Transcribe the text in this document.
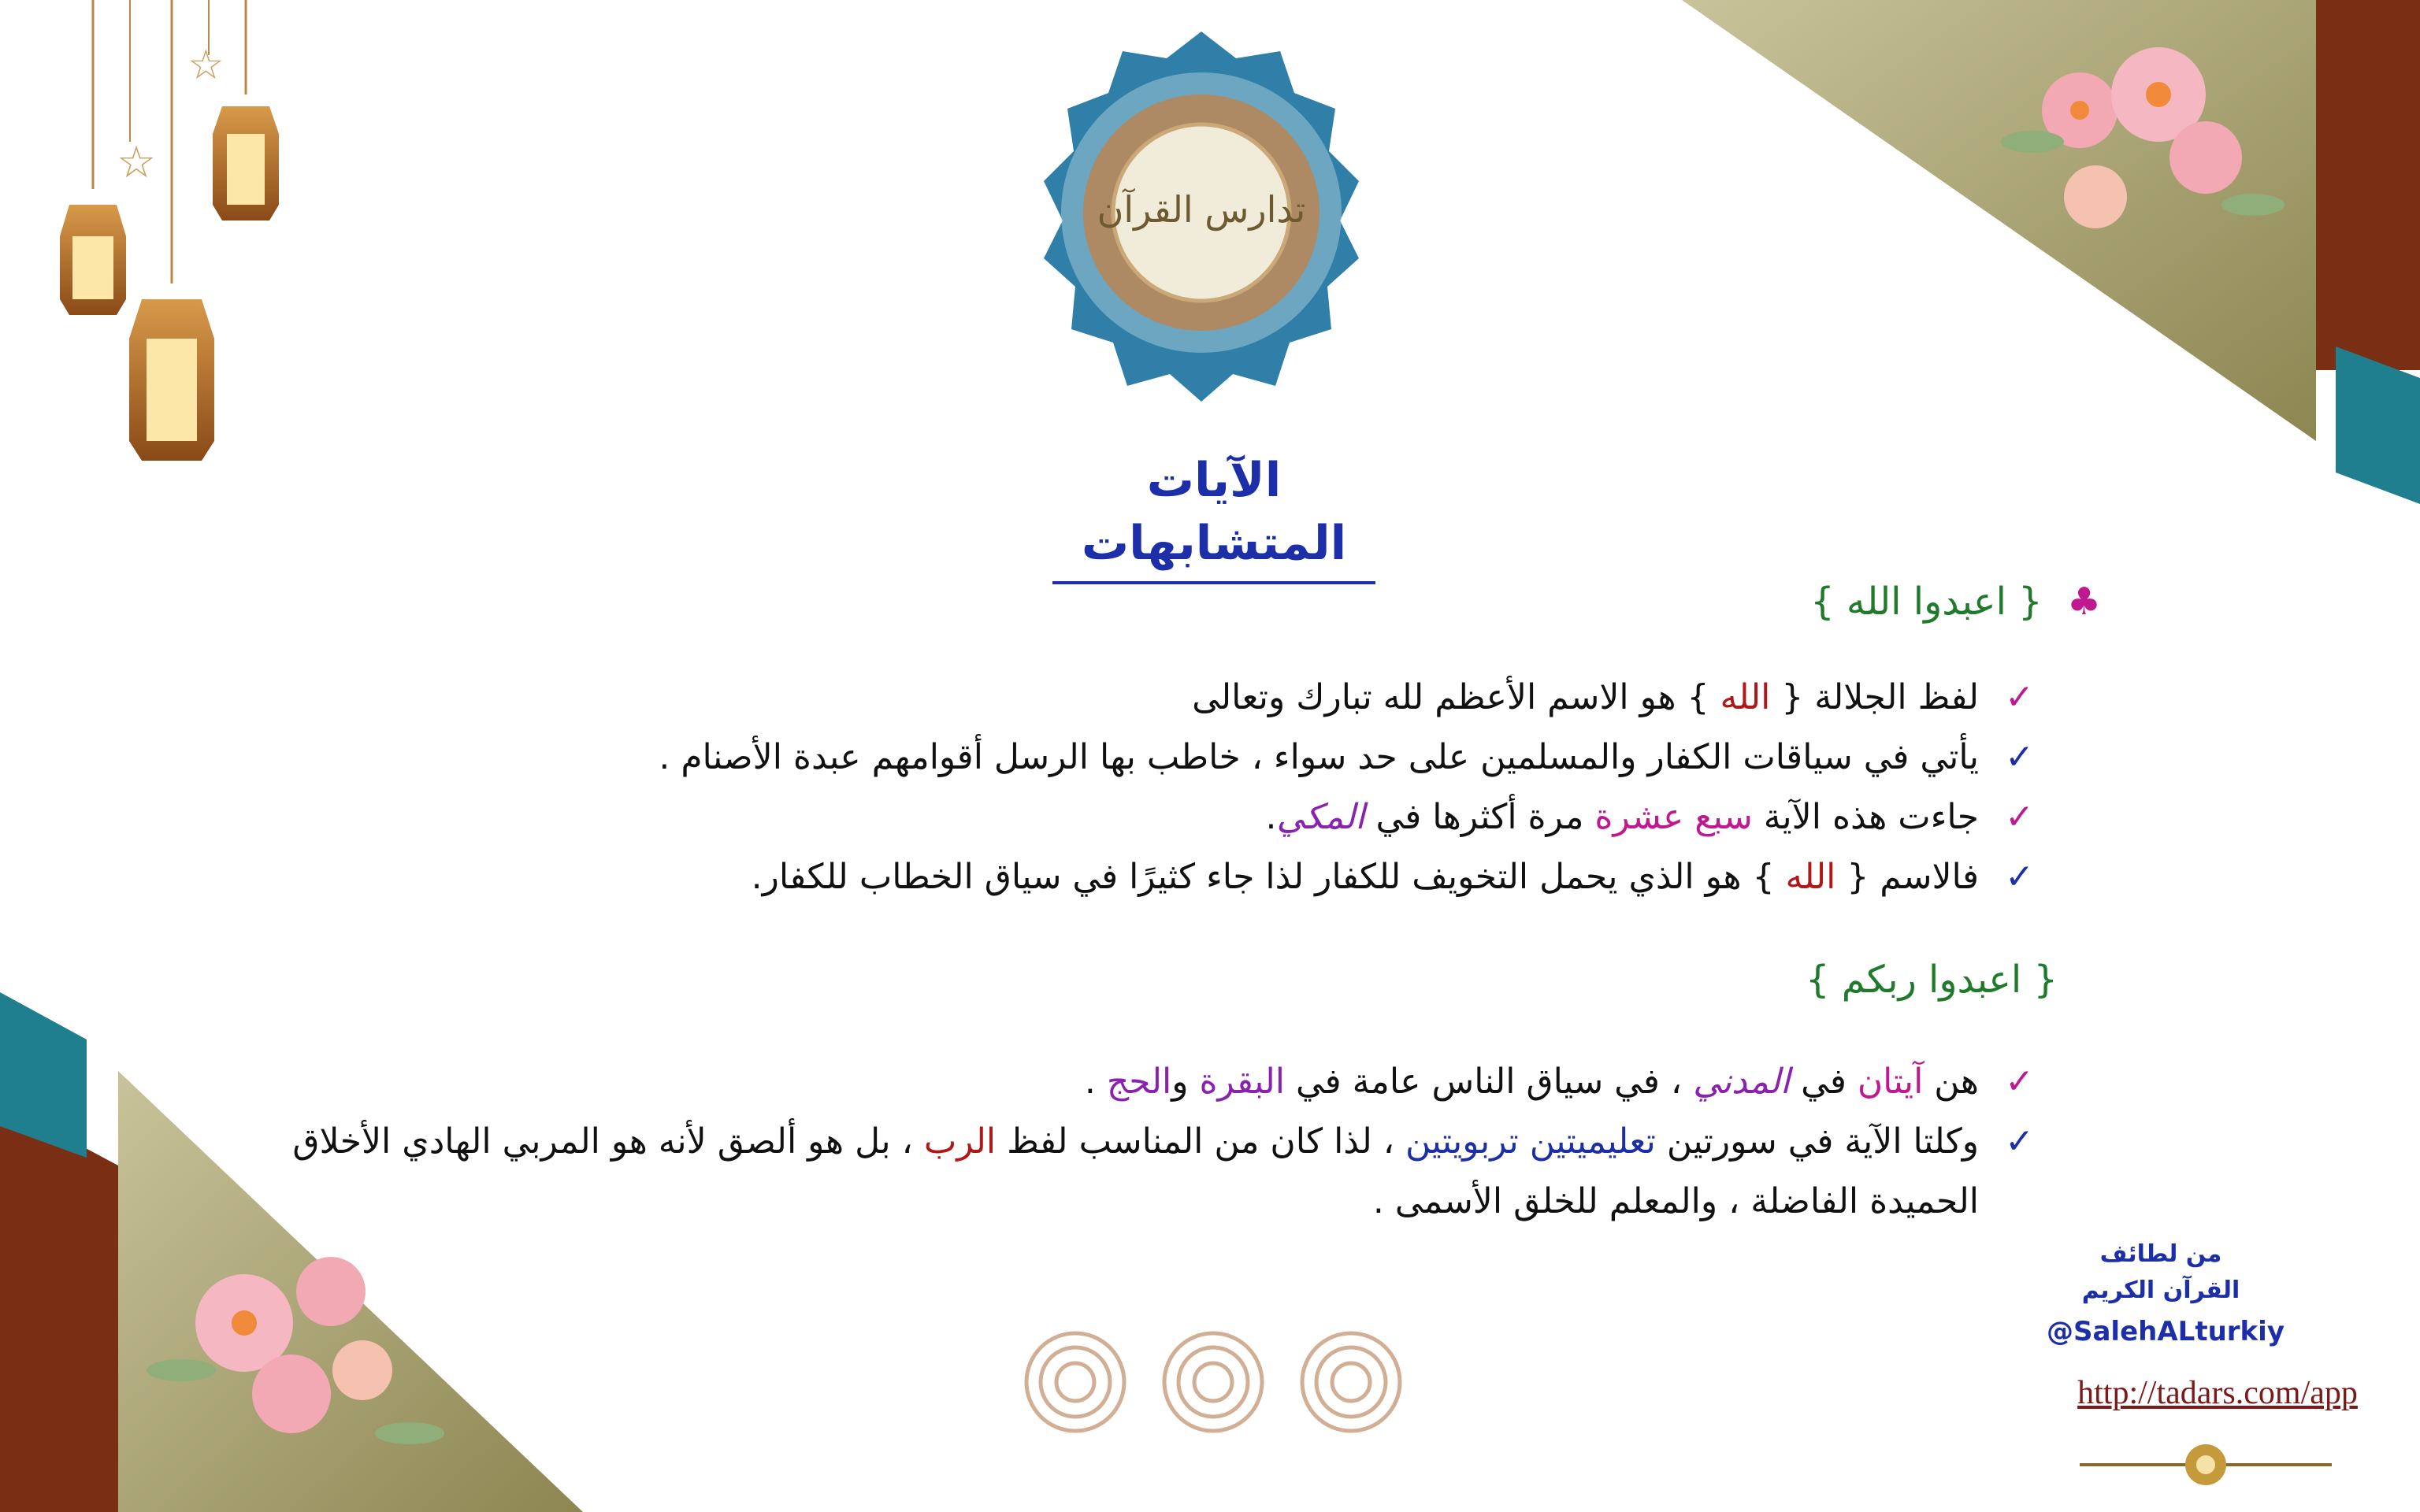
☆
☆
تدارس القرآن
الآيات المتشابهات
♣ { اعبدوا الله }
✓
لفظ الجلالة { الله } هو الاسم الأعظم لله تبارك وتعالى
✓
يأتي في سياقات الكفار والمسلمين على حد سواء ، خاطب بها الرسل أقوامهم عبدة الأصنام .
✓
جاءت هذه الآية سبع عشرة مرة أكثرها في المكي.
✓
فالاسم { الله } هو الذي يحمل التخويف للكفار لذا جاء كثيرًا في سياق الخطاب للكفار.
{ اعبدوا ربكم }
✓
هن آيتان في المدني ، في سياق الناس عامة في البقرة والحج .
✓
وكلتا الآية في سورتين تعليميتين تربويتين ، لذا كان من المناسب لفظ الرب ، بل هو ألصق لأنه هو المربي الهادي الأخلاق الحميدة الفاضلة ، والمعلم للخلق الأسمى .
من لطائف
القرآن الكريم
@SalehALturkiy
http://tadars.com/app
